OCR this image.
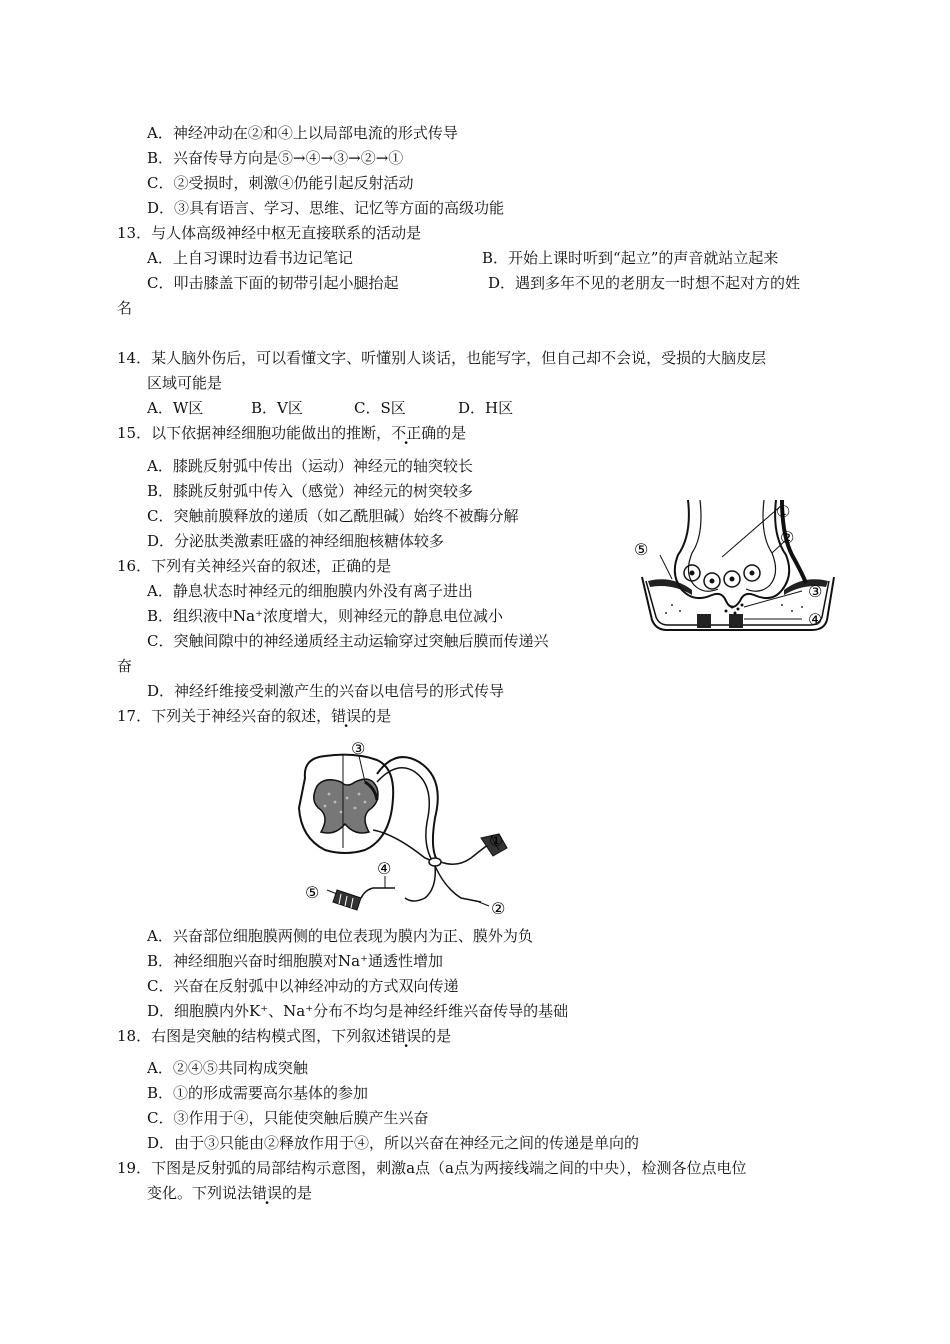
A．神经冲动在②和④上以局部电流的形式传导
B．兴奋传导方向是⑤→④→③→②→①
C．②受损时，刺激④仍能引起反射活动
D．③具有语言、学习、思维、记忆等方面的高级功能
13．与人体高级神经中枢无直接联系的活动是
A．上自习课时边看书边记笔记	B．开始上课时听到“起立”的声音就站立起来
C．叩击膝盖下面的韧带引起小腿抬起	D．遇到多年不见的老朋友一时想不起对方的姓
名
14．某人脑外伤后，可以看懂文字、听懂别人谈话，也能写字，但自己却不会说，受损的大脑皮层
区域可能是
A．W区	B．V区	C．S区	D．H区
15．以下依据神经细胞功能做出的推断，不正确的是
A．膝跳反射弧中传出（运动）神经元的轴突较长
B．膝跳反射弧中传入（感觉）神经元的树突较多
C．突触前膜释放的递质（如乙酰胆碱）始终不被酶分解
D．分泌肽类激素旺盛的神经细胞核糖体较多
16．下列有关神经兴奋的叙述，正确的是
A．静息状态时神经元的细胞膜内外没有离子进出
B．组织液中Na⁺浓度增大，则神经元的静息电位减小
C．突触间隙中的神经递质经主动运输穿过突触后膜而传递兴
奋
D．神经纤维接受刺激产生的兴奋以电信号的形式传导
①
②
③
④
⑤
17．下列关于神经兴奋的叙述，错误的是
③
①
②
④
⑤
A．兴奋部位细胞膜两侧的电位表现为膜内为正、膜外为负
B．神经细胞兴奋时细胞膜对Na⁺通透性增加
C．兴奋在反射弧中以神经冲动的方式双向传递
D．细胞膜内外K⁺、Na⁺分布不均匀是神经纤维兴奋传导的基础
18．右图是突触的结构模式图，下列叙述错误的是
A．②④⑤共同构成突触
B．①的形成需要高尔基体的参加
C．③作用于④，只能使突触后膜产生兴奋
D．由于③只能由②释放作用于④，所以兴奋在神经元之间的传递是单向的
19．下图是反射弧的局部结构示意图，刺激a点（a点为两接线端之间的中央），检测各位点电位
变化。下列说法错误的是
